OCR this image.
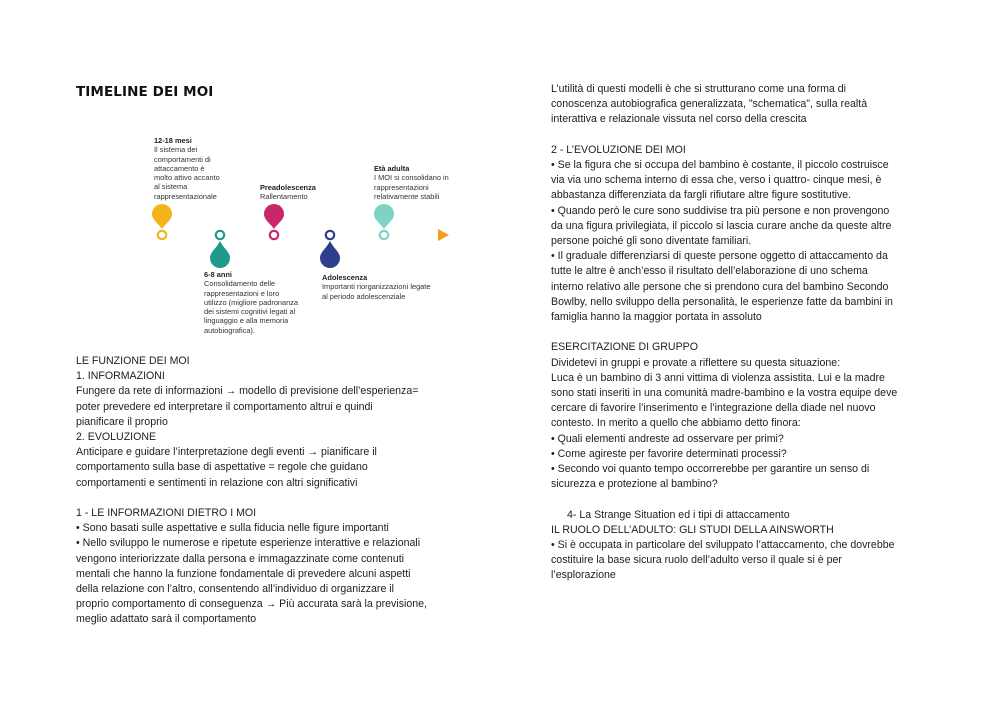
TIMELINE DEI MOI
12-18 mesi
Il sistema dei
comportamenti di
attaccamento è
molto attivo accanto
al sistema
rappresentazionale
6-8 anni
Consolidamento delle
rappresentazioni e loro
utilizzo (migliore padronanza
dei sistemi cognitivi legati al
linguaggio e alla memoria
autobiografica).
Preadolescenza
Rallentamento
Adolescenza
Importanti riorganizzazioni legate
al periodo adolescenziale
Età adulta
I MOI si consolidano in
rappresentazioni
relativamente stabili

LE FUNZIONE DEI MOI

1. INFORMAZIONI

Fungere da rete di informazioni → modello di previsione dell’esperienza=

poter prevedere ed interpretare il comportamento altrui e quindi

pianificare il proprio

2. EVOLUZIONE

Anticipare e guidare l’interpretazione degli eventi → pianificare il

comportamento sulla base di aspettative = regole che guidano

comportamenti e sentimenti in relazione con altri significativi

1 - LE INFORMAZIONI DIETRO I MOI

• Sono basati sulle aspettative e sulla fiducia nelle figure importanti

• Nello sviluppo le numerose e ripetute esperienze interattive e relazionali

vengono interiorizzate dalla persona e immagazzinate come contenuti

mentali che hanno la funzione fondamentale di prevedere alcuni aspetti

della relazione con l’altro, consentendo all’individuo di organizzare il

proprio comportamento di conseguenza → Più accurata sarà la previsione,

meglio adattato sarà il comportamento

L’utilità di questi modelli è che si strutturano come una forma di

conoscenza autobiografica generalizzata, "schematica", sulla realtà

interattiva e relazionale vissuta nel corso della crescita

2 - L’EVOLUZIONE DEI MOI

• Se la figura che si occupa del bambino è costante, il piccolo costruisce

via via uno schema interno di essa che, verso i quattro- cinque mesi, è

abbastanza differenziata da fargli rifiutare altre figure sostitutive.

• Quando però le cure sono suddivise tra più persone e non provengono

da una figura privilegiata, il piccolo si lascia curare anche da queste altre

persone poiché gli sono diventate familiari.

• Il graduale differenziarsi di queste persone oggetto di attaccamento da

tutte le altre è anch’esso il risultato dell’elaborazione di uno schema

interno relativo alle persone che si prendono cura del bambino Secondo

Bowlby, nello sviluppo della personalità, le esperienze fatte da bambini in

famiglia hanno la maggior portata in assoluto

ESERCITAZIONE DI GRUPPO

Dividetevi in gruppi e provate a riflettere su questa situazione:

Luca è un bambino di 3 anni vittima di violenza assistita. Lui e la madre

sono stati inseriti in una comunità madre-bambino e la vostra equipe deve

cercare di favorire l’inserimento e l’integrazione della diade nel nuovo

contesto. In merito a quello che abbiamo detto finora:

• Quali elementi andreste ad osservare per primi?

• Come agireste per favorire determinati processi?

• Secondo voi quanto tempo occorrerebbe per garantire un senso di

sicurezza e protezione al bambino?

4- La Strange Situation ed i tipi di attaccamento

IL RUOLO DELL’ADULTO: GLI STUDI DELLA AINSWORTH

• Si è occupata in particolare del sviluppato l’attaccamento, che dovrebbe

costituire la base sicura ruolo dell’adulto verso il quale si è per

l’esplorazione
